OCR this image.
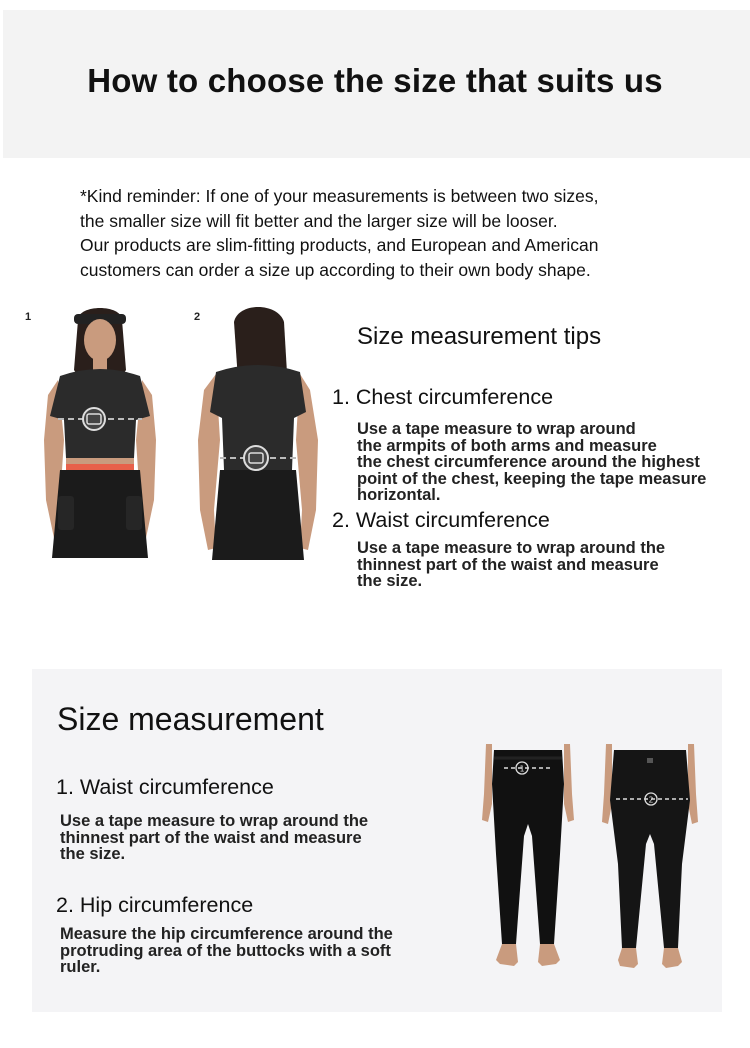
How to choose the size that suits us
*Kind reminder: If one of your measurements is between two sizes,
the smaller size will fit better and the larger size will be looser.
Our products are slim-fitting products, and European and American
customers can order a size up according to their own body shape.
1	2
Size measurement tips
1. Chest circumference
Use a tape measure to wrap around
the armpits of both arms and measure
the chest circumference around the highest
point of the chest, keeping the tape measure
horizontal.
2. Waist circumference
Use a tape measure to wrap around the
thinnest part of the waist and measure
the size.
Size measurement
1. Waist circumference
Use a tape measure to wrap around the
thinnest part of the waist and measure
the size.
2. Hip circumference
Measure the hip circumference around the
protruding area of the buttocks with a soft
ruler.
1
2
